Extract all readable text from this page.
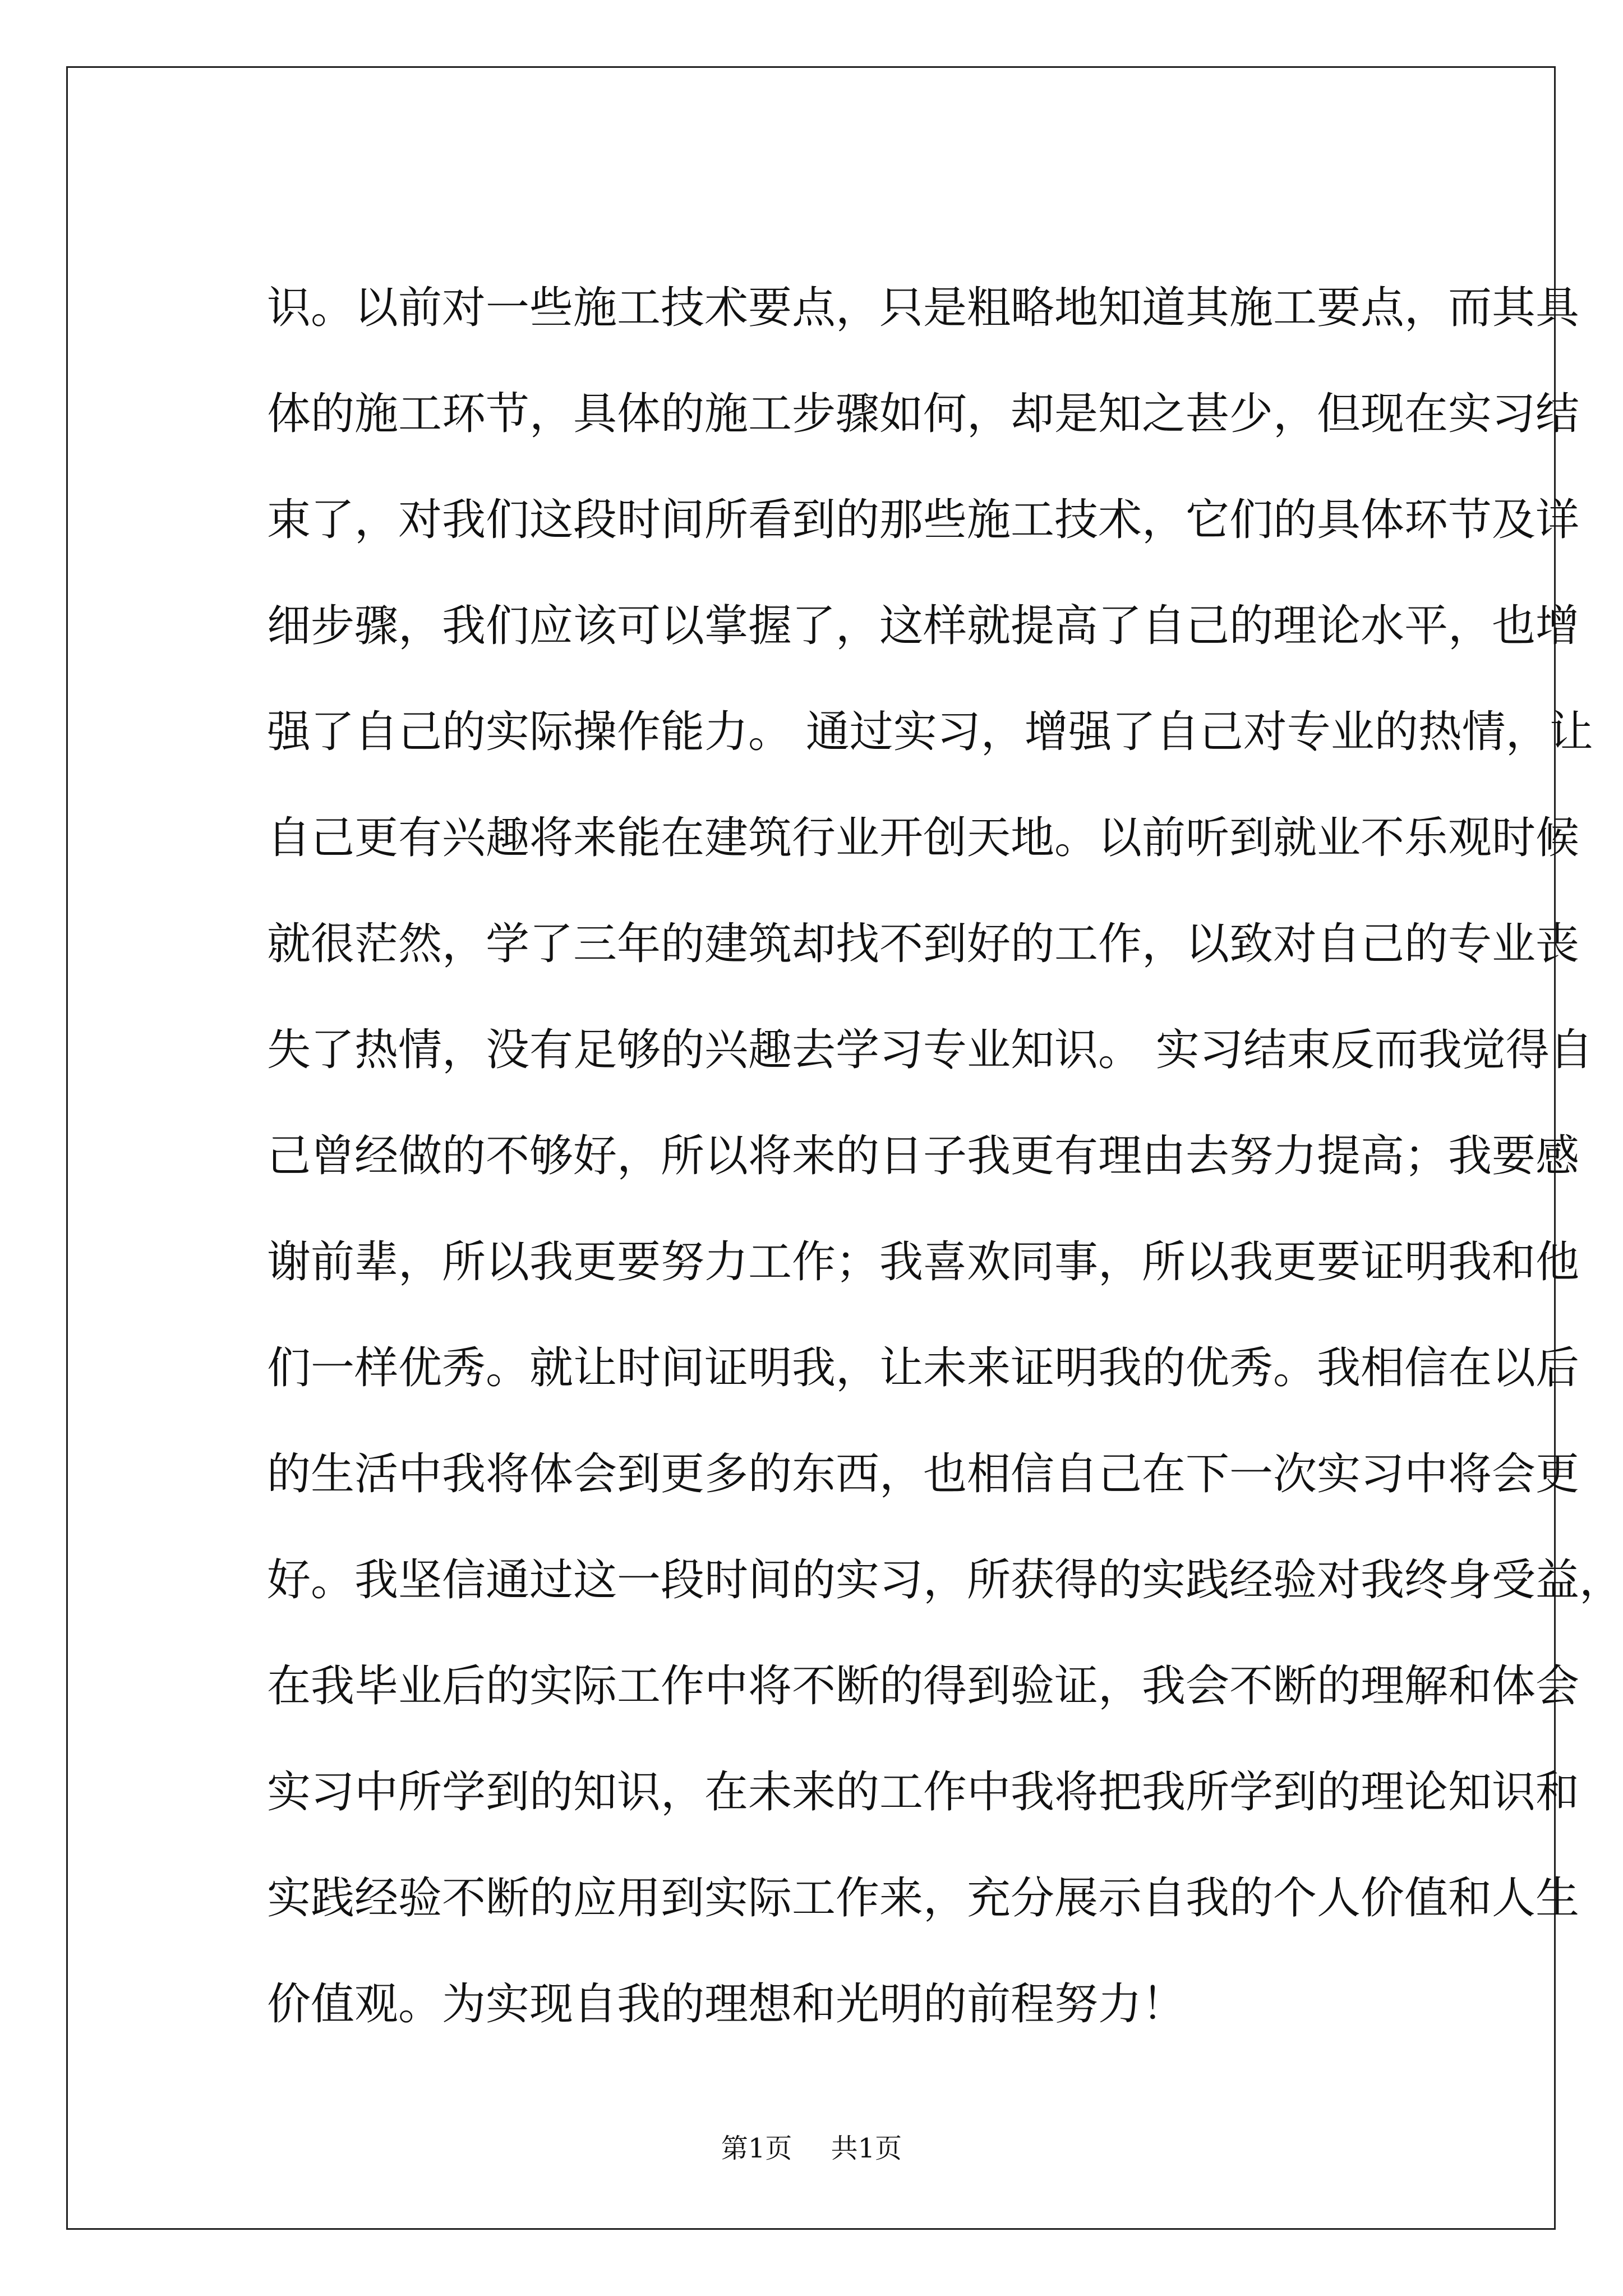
识。以前对一些施工技术要点，只是粗略地知道其施工要点，而其具
体的施工环节，具体的施工步骤如何，却是知之甚少，但现在实习结
束了，对我们这段时间所看到的那些施工技术，它们的具体环节及详
细步骤，我们应该可以掌握了，这样就提高了自己的理论水平，也增
强了自己的实际操作能力。 通过实习，增强了自己对专业的热情，让
自己更有兴趣将来能在建筑行业开创天地。以前听到就业不乐观时候
就很茫然，学了三年的建筑却找不到好的工作，以致对自己的专业丧
失了热情，没有足够的兴趣去学习专业知识。 实习结束反而我觉得自
己曾经做的不够好，所以将来的日子我更有理由去努力提高；我要感
谢前辈，所以我更要努力工作；我喜欢同事，所以我更要证明我和他
们一样优秀。就让时间证明我，让未来证明我的优秀。我相信在以后
的生活中我将体会到更多的东西，也相信自己在下一次实习中将会更
好。我坚信通过这一段时间的实习，所获得的实践经验对我终身受益，
在我毕业后的实际工作中将不断的得到验证，我会不断的理解和体会
实习中所学到的知识，在未来的工作中我将把我所学到的理论知识和
实践经验不断的应用到实际工作来，充分展示自我的个人价值和人生
价值观。为实现自我的理想和光明的前程努力！
第1页 共1页
